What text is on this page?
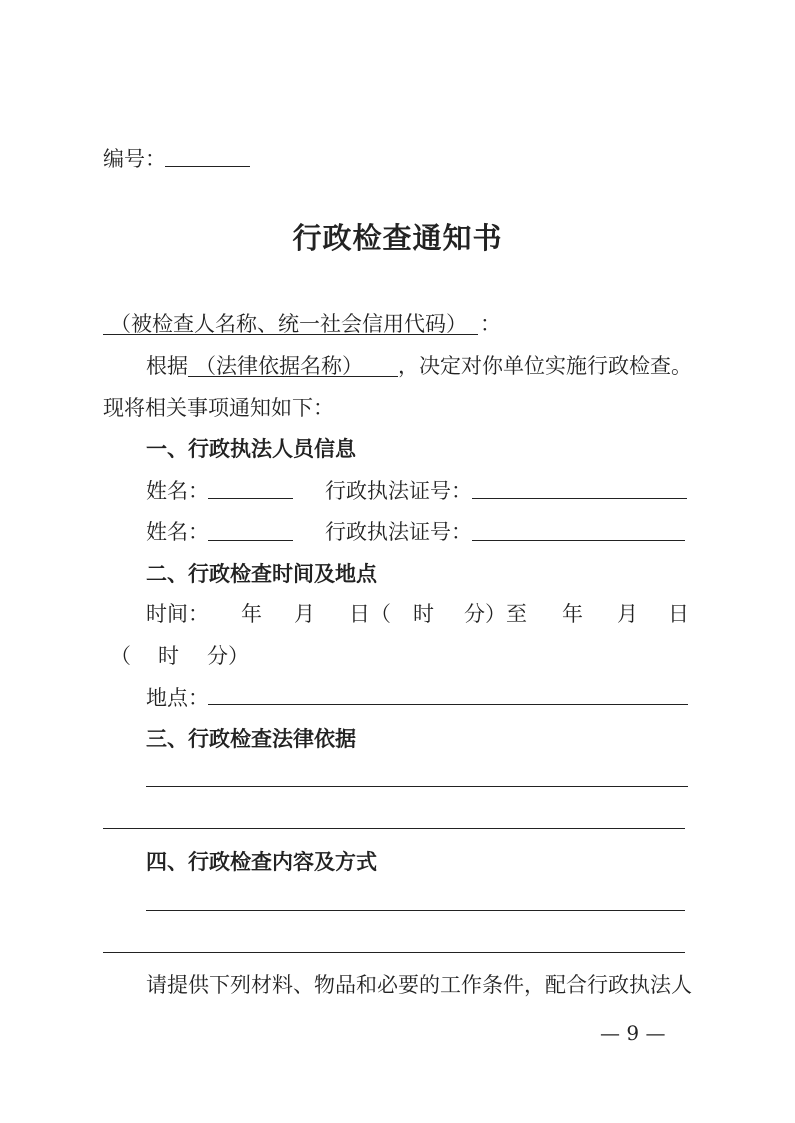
编号：
行政检查通知书
（被检查人名称、统一社会信用代码） ：
根据 （法律依据名称） ，决定对你单位实施行政检查。
现将相关事项通知如下：
一、行政执法人员信息
姓名：	行政执法证号：
姓名：	行政执法证号：
二、行政检查时间及地点
时间： 年 月 日（ 时 分）至 年 月 日
（ 时 分）
地点：
三、行政检查法律依据
四、行政检查内容及方式
请提供下列材料、物品和必要的工作条件，配合行政执法人
— 9 —
